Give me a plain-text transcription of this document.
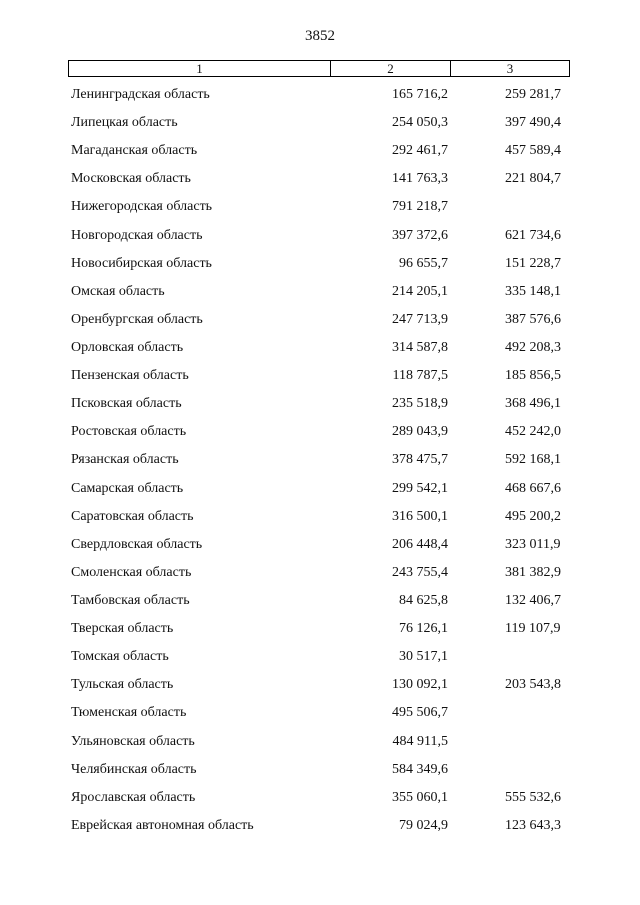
3852
1	2	3
Ленинградская область	165 716,2	259 281,7
Липецкая область	254 050,3	397 490,4
Магаданская область	292 461,7	457 589,4
Московская область	141 763,3	221 804,7
Нижегородская область	791 218,7
Новгородская область	397 372,6	621 734,6
Новосибирская область	96 655,7	151 228,7
Омская область	214 205,1	335 148,1
Оренбургская область	247 713,9	387 576,6
Орловская область	314 587,8	492 208,3
Пензенская область	118 787,5	185 856,5
Псковская область	235 518,9	368 496,1
Ростовская область	289 043,9	452 242,0
Рязанская область	378 475,7	592 168,1
Самарская область	299 542,1	468 667,6
Саратовская область	316 500,1	495 200,2
Свердловская область	206 448,4	323 011,9
Смоленская область	243 755,4	381 382,9
Тамбовская область	84 625,8	132 406,7
Тверская область	76 126,1	119 107,9
Томская область	30 517,1
Тульская область	130 092,1	203 543,8
Тюменская область	495 506,7
Ульяновская область	484 911,5
Челябинская область	584 349,6
Ярославская область	355 060,1	555 532,6
Еврейская автономная область	79 024,9	123 643,3
